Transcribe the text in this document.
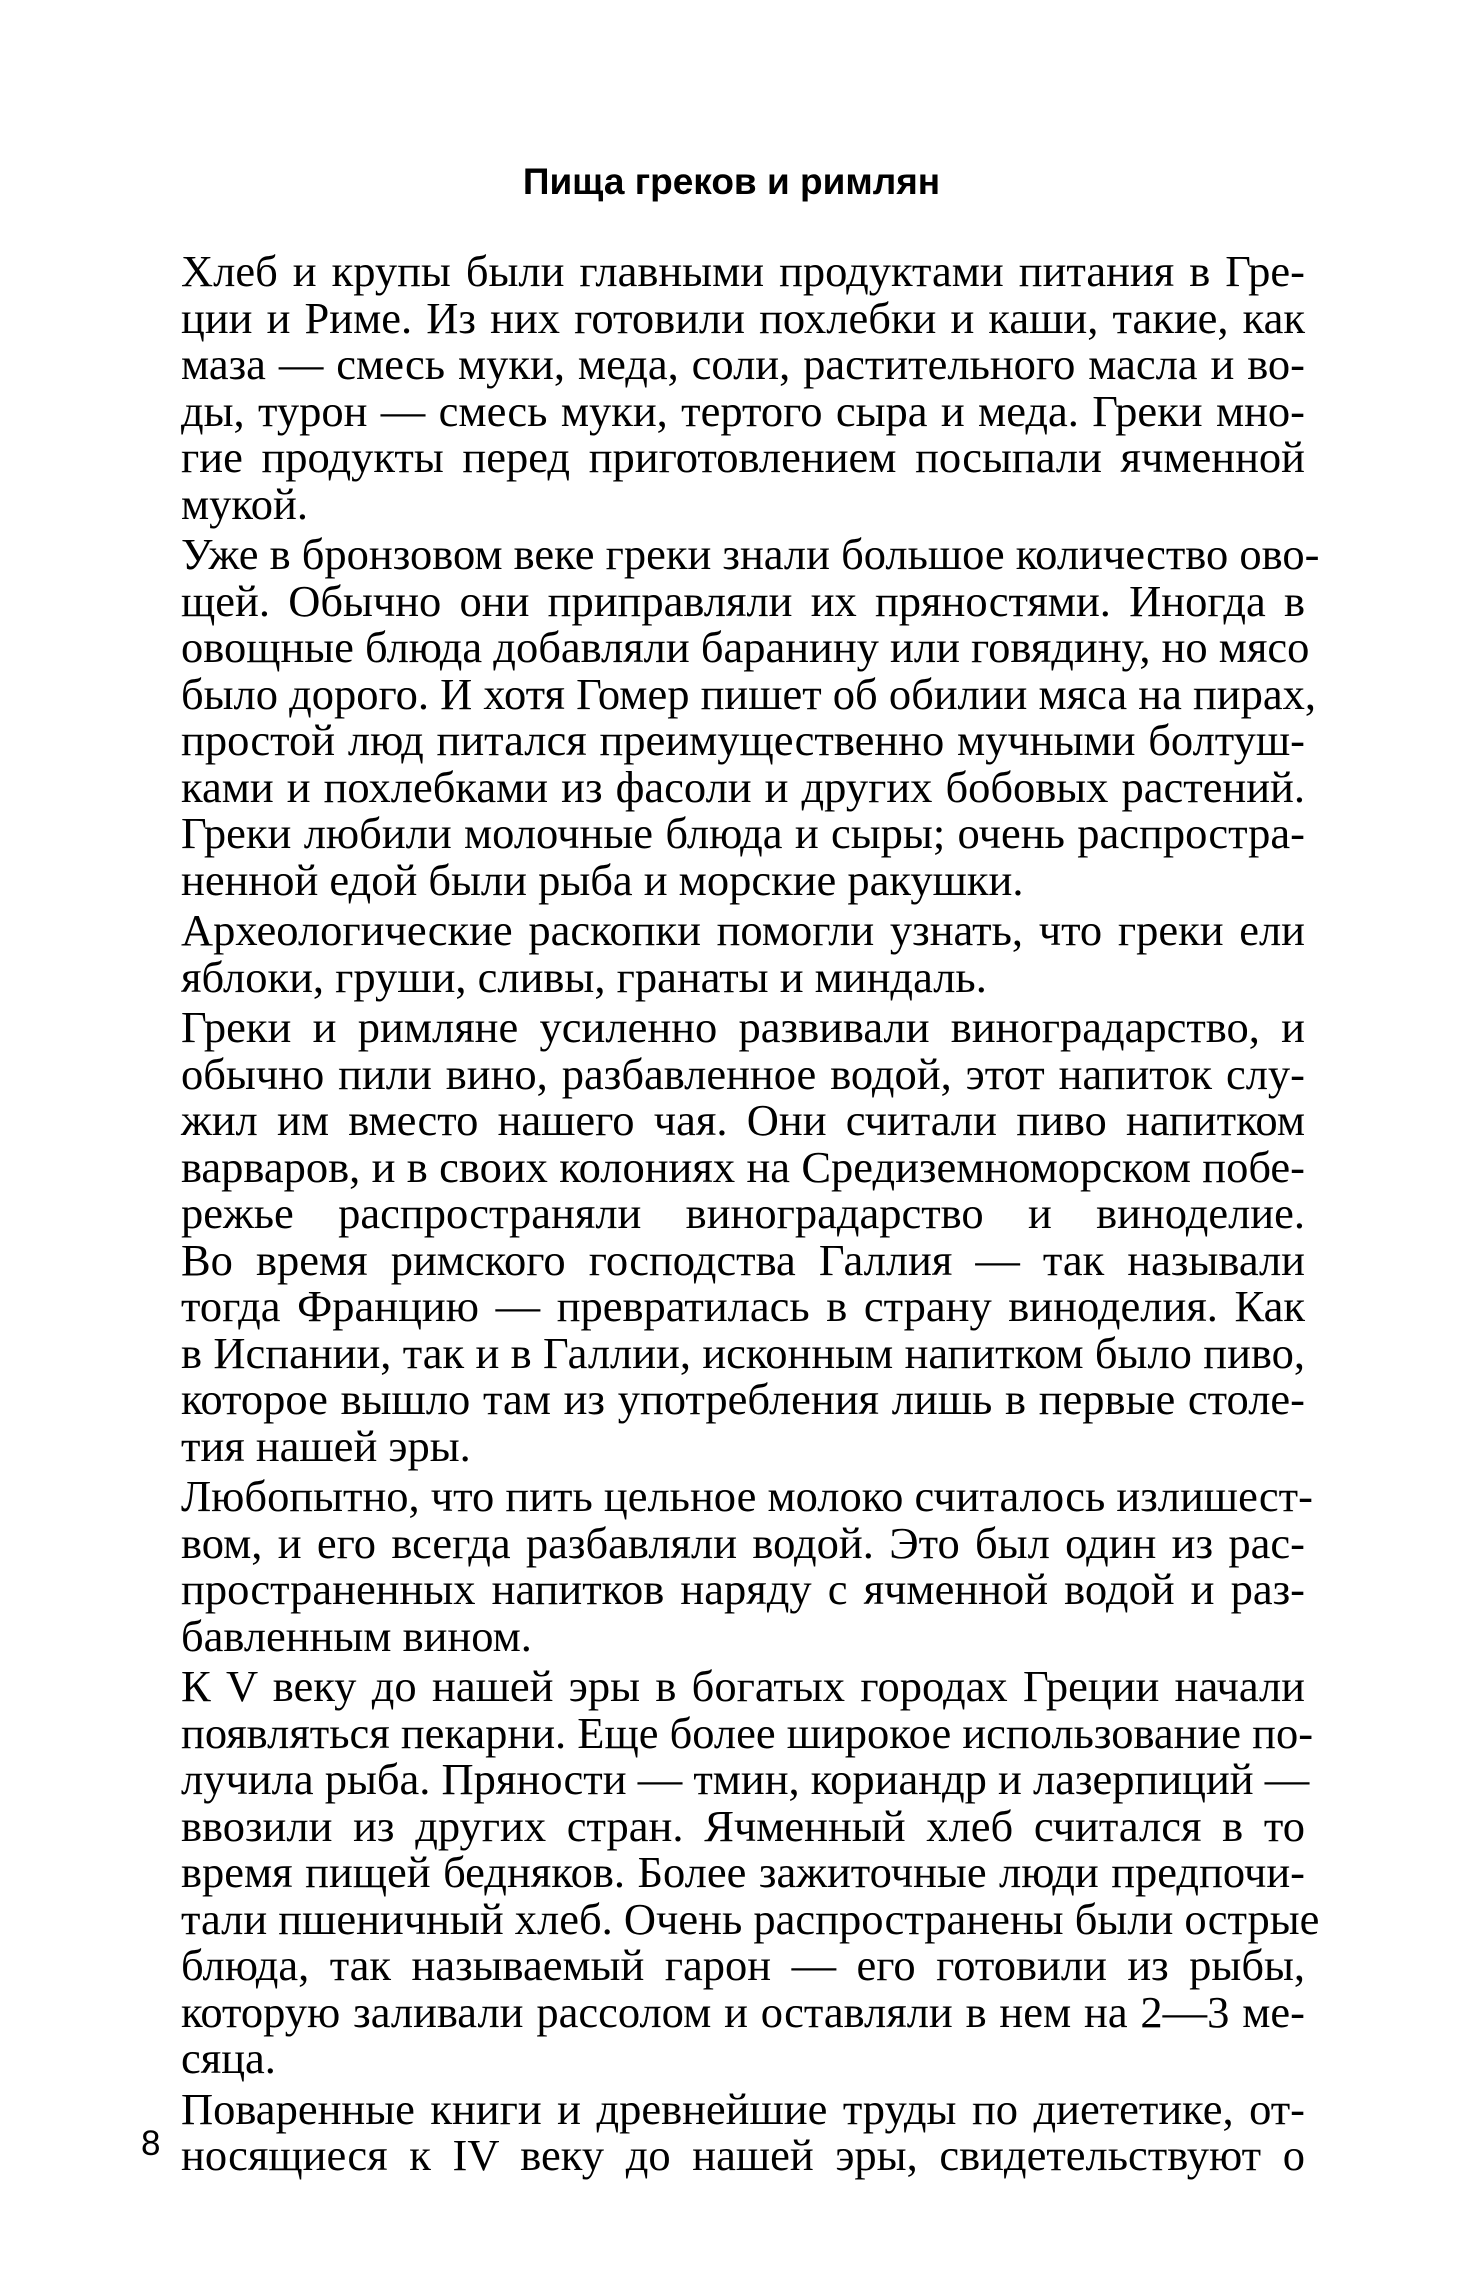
Пища греков и римлян

Хлеб и крупы были главными продуктами питания в Гре-
ции и Риме. Из них готовили похлебки и каши, такие, как
маза — смесь муки, меда, соли, растительного масла и во-
ды, турон — смесь муки, тертого сыра и меда. Греки мно-
гие продукты перед приготовлением посыпали ячменной
мукой.

Уже в бронзовом веке греки знали большое количество ово-
щей. Обычно они приправляли их пряностями. Иногда в
овощные блюда добавляли баранину или говядину, но мясо
было дорого. И хотя Гомер пишет об обилии мяса на пирах,
простой люд питался преимущественно мучными болтуш-
ками и похлебками из фасоли и других бобовых растений.
Греки любили молочные блюда и сыры; очень распростра-
ненной едой были рыба и морские ракушки.

Археологические раскопки помогли узнать, что греки ели
яблоки, груши, сливы, гранаты и миндаль.

Греки и римляне усиленно развивали виноградарство, и
обычно пили вино, разбавленное водой, этот напиток слу-
жил им вместо нашего чая. Они считали пиво напитком
варваров, и в своих колониях на Средиземноморском побе-
режье распространяли виноградарство и виноделие.
Во время римского господства Галлия — так называли
тогда Францию — превратилась в страну виноделия. Как
в Испании, так и в Галлии, исконным напитком было пиво,
которое вышло там из употребления лишь в первые столе-
тия нашей эры.

Любопытно, что пить цельное молоко считалось излишест-
вом, и его всегда разбавляли водой. Это был один из рас-
пространенных напитков наряду с ячменной водой и раз-
бавленным вином.

К V веку до нашей эры в богатых городах Греции начали
появляться пекарни. Еще более широкое использование по-
лучила рыба. Пряности — тмин, кориандр и лазерпиций —
ввозили из других стран. Ячменный хлеб считался в то
время пищей бедняков. Более зажиточные люди предпочи-
тали пшеничный хлеб. Очень распространены были острые
блюда, так называемый гарон — его готовили из рыбы,
которую заливали рассолом и оставляли в нем на 2—3 ме-
сяца.

Поваренные книги и древнейшие труды по диететике, от-
носящиеся к IV веку до нашей эры, свидетельствуют о

8
